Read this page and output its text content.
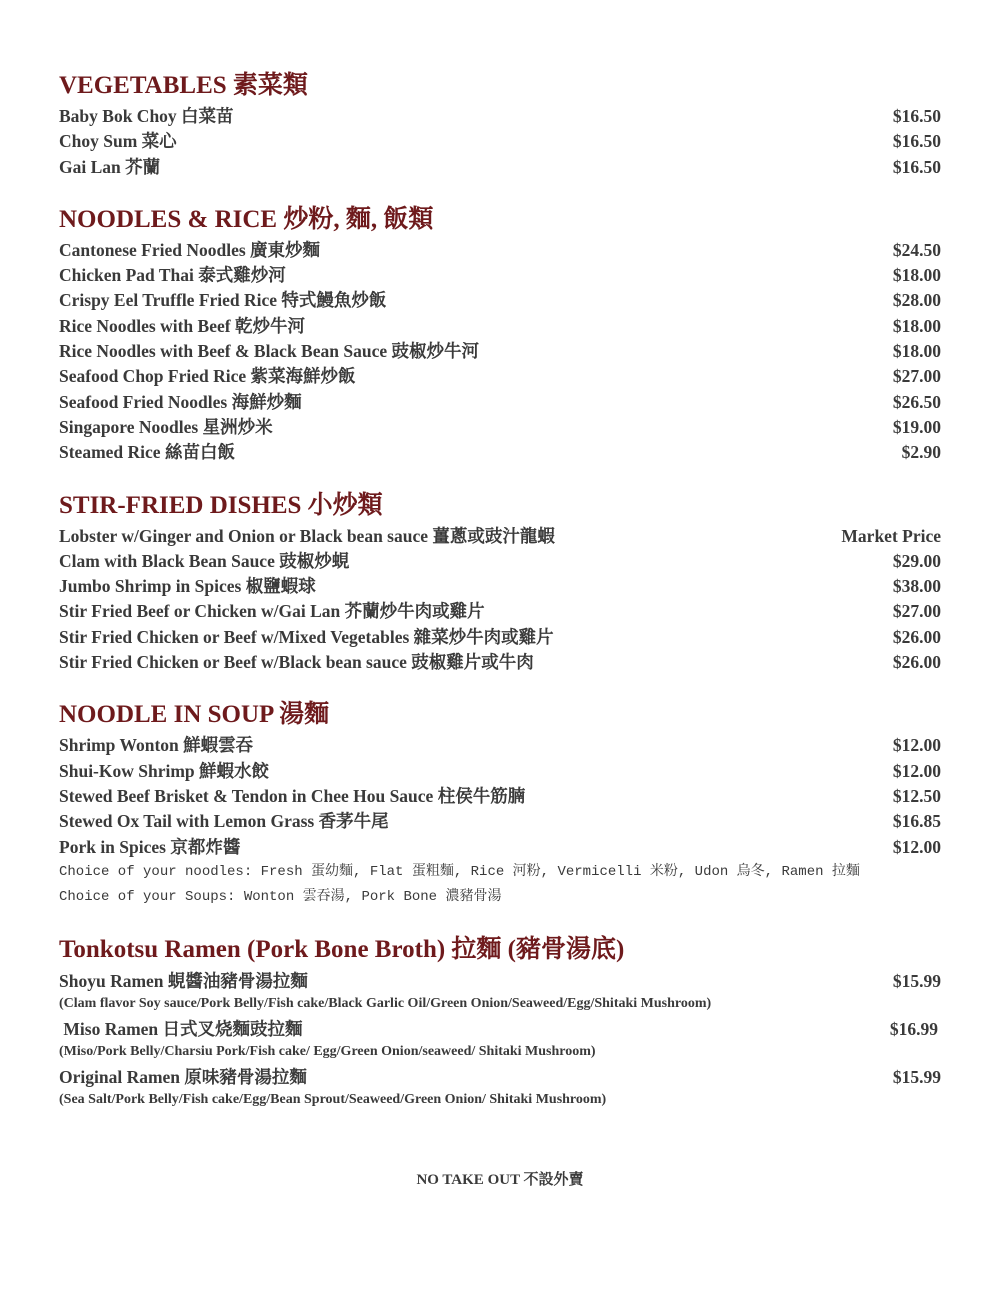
VEGETABLES 素菜類
Baby Bok Choy 白菜苗	$16.50
Choy Sum 菜心	$16.50
Gai Lan 芥蘭	$16.50
NOODLES & RICE 炒粉, 麵, 飯類
Cantonese Fried Noodles 廣東炒麵	$24.50
Chicken Pad Thai 泰式雞炒河	$18.00
Crispy Eel Truffle Fried Rice 特式鰻魚炒飯	$28.00
Rice Noodles with Beef 乾炒牛河	$18.00
Rice Noodles with Beef & Black Bean Sauce 豉椒炒牛河	$18.00
Seafood Chop Fried Rice 紫菜海鮮炒飯	$27.00
Seafood Fried Noodles 海鮮炒麵	$26.50
Singapore Noodles 星洲炒米	$19.00
Steamed Rice 絲苗白飯	$2.90
STIR-FRIED DISHES 小炒類
Lobster w/Ginger and Onion or Black bean sauce 薑蔥或豉汁龍蝦	Market Price
Clam with Black Bean Sauce 豉椒炒蜆	$29.00
Jumbo Shrimp in Spices 椒鹽蝦球	$38.00
Stir Fried Beef or Chicken w/Gai Lan 芥蘭炒牛肉或雞片	$27.00
Stir Fried Chicken or Beef w/Mixed Vegetables 雜菜炒牛肉或雞片	$26.00
Stir Fried Chicken or Beef w/Black bean sauce 豉椒雞片或牛肉	$26.00
NOODLE IN SOUP 湯麵
Shrimp Wonton 鮮蝦雲吞	$12.00
Shui-Kow Shrimp 鮮蝦水餃	$12.00
Stewed Beef Brisket & Tendon in Chee Hou Sauce 柱侯牛筋腩	$12.50
Stewed Ox Tail with Lemon Grass 香茅牛尾	$16.85
Pork in Spices 京都炸醬	$12.00
Choice of your noodles: Fresh 蛋幼麵, Flat 蛋粗麵, Rice 河粉, Vermicelli 米粉, Udon 烏冬, Ramen 拉麵
Choice of your Soups: Wonton 雲吞湯, Pork Bone 濃豬骨湯
Tonkotsu Ramen (Pork Bone Broth) 拉麵 (豬骨湯底)
Shoyu Ramen 蜆醬油豬骨湯拉麵	$15.99
(Clam flavor Soy sauce/Pork Belly/Fish cake/Black Garlic Oil/Green Onion/Seaweed/Egg/Shitaki Mushroom)
Miso Ramen 日式叉烧麵豉拉麵	$16.99
(Miso/Pork Belly/Charsiu Pork/Fish cake/ Egg/Green Onion/seaweed/ Shitaki Mushroom)
Original Ramen 原味豬骨湯拉麵	$15.99
(Sea Salt/Pork Belly/Fish cake/Egg/Bean Sprout/Seaweed/Green Onion/ Shitaki Mushroom)
NO TAKE OUT 不設外賣
